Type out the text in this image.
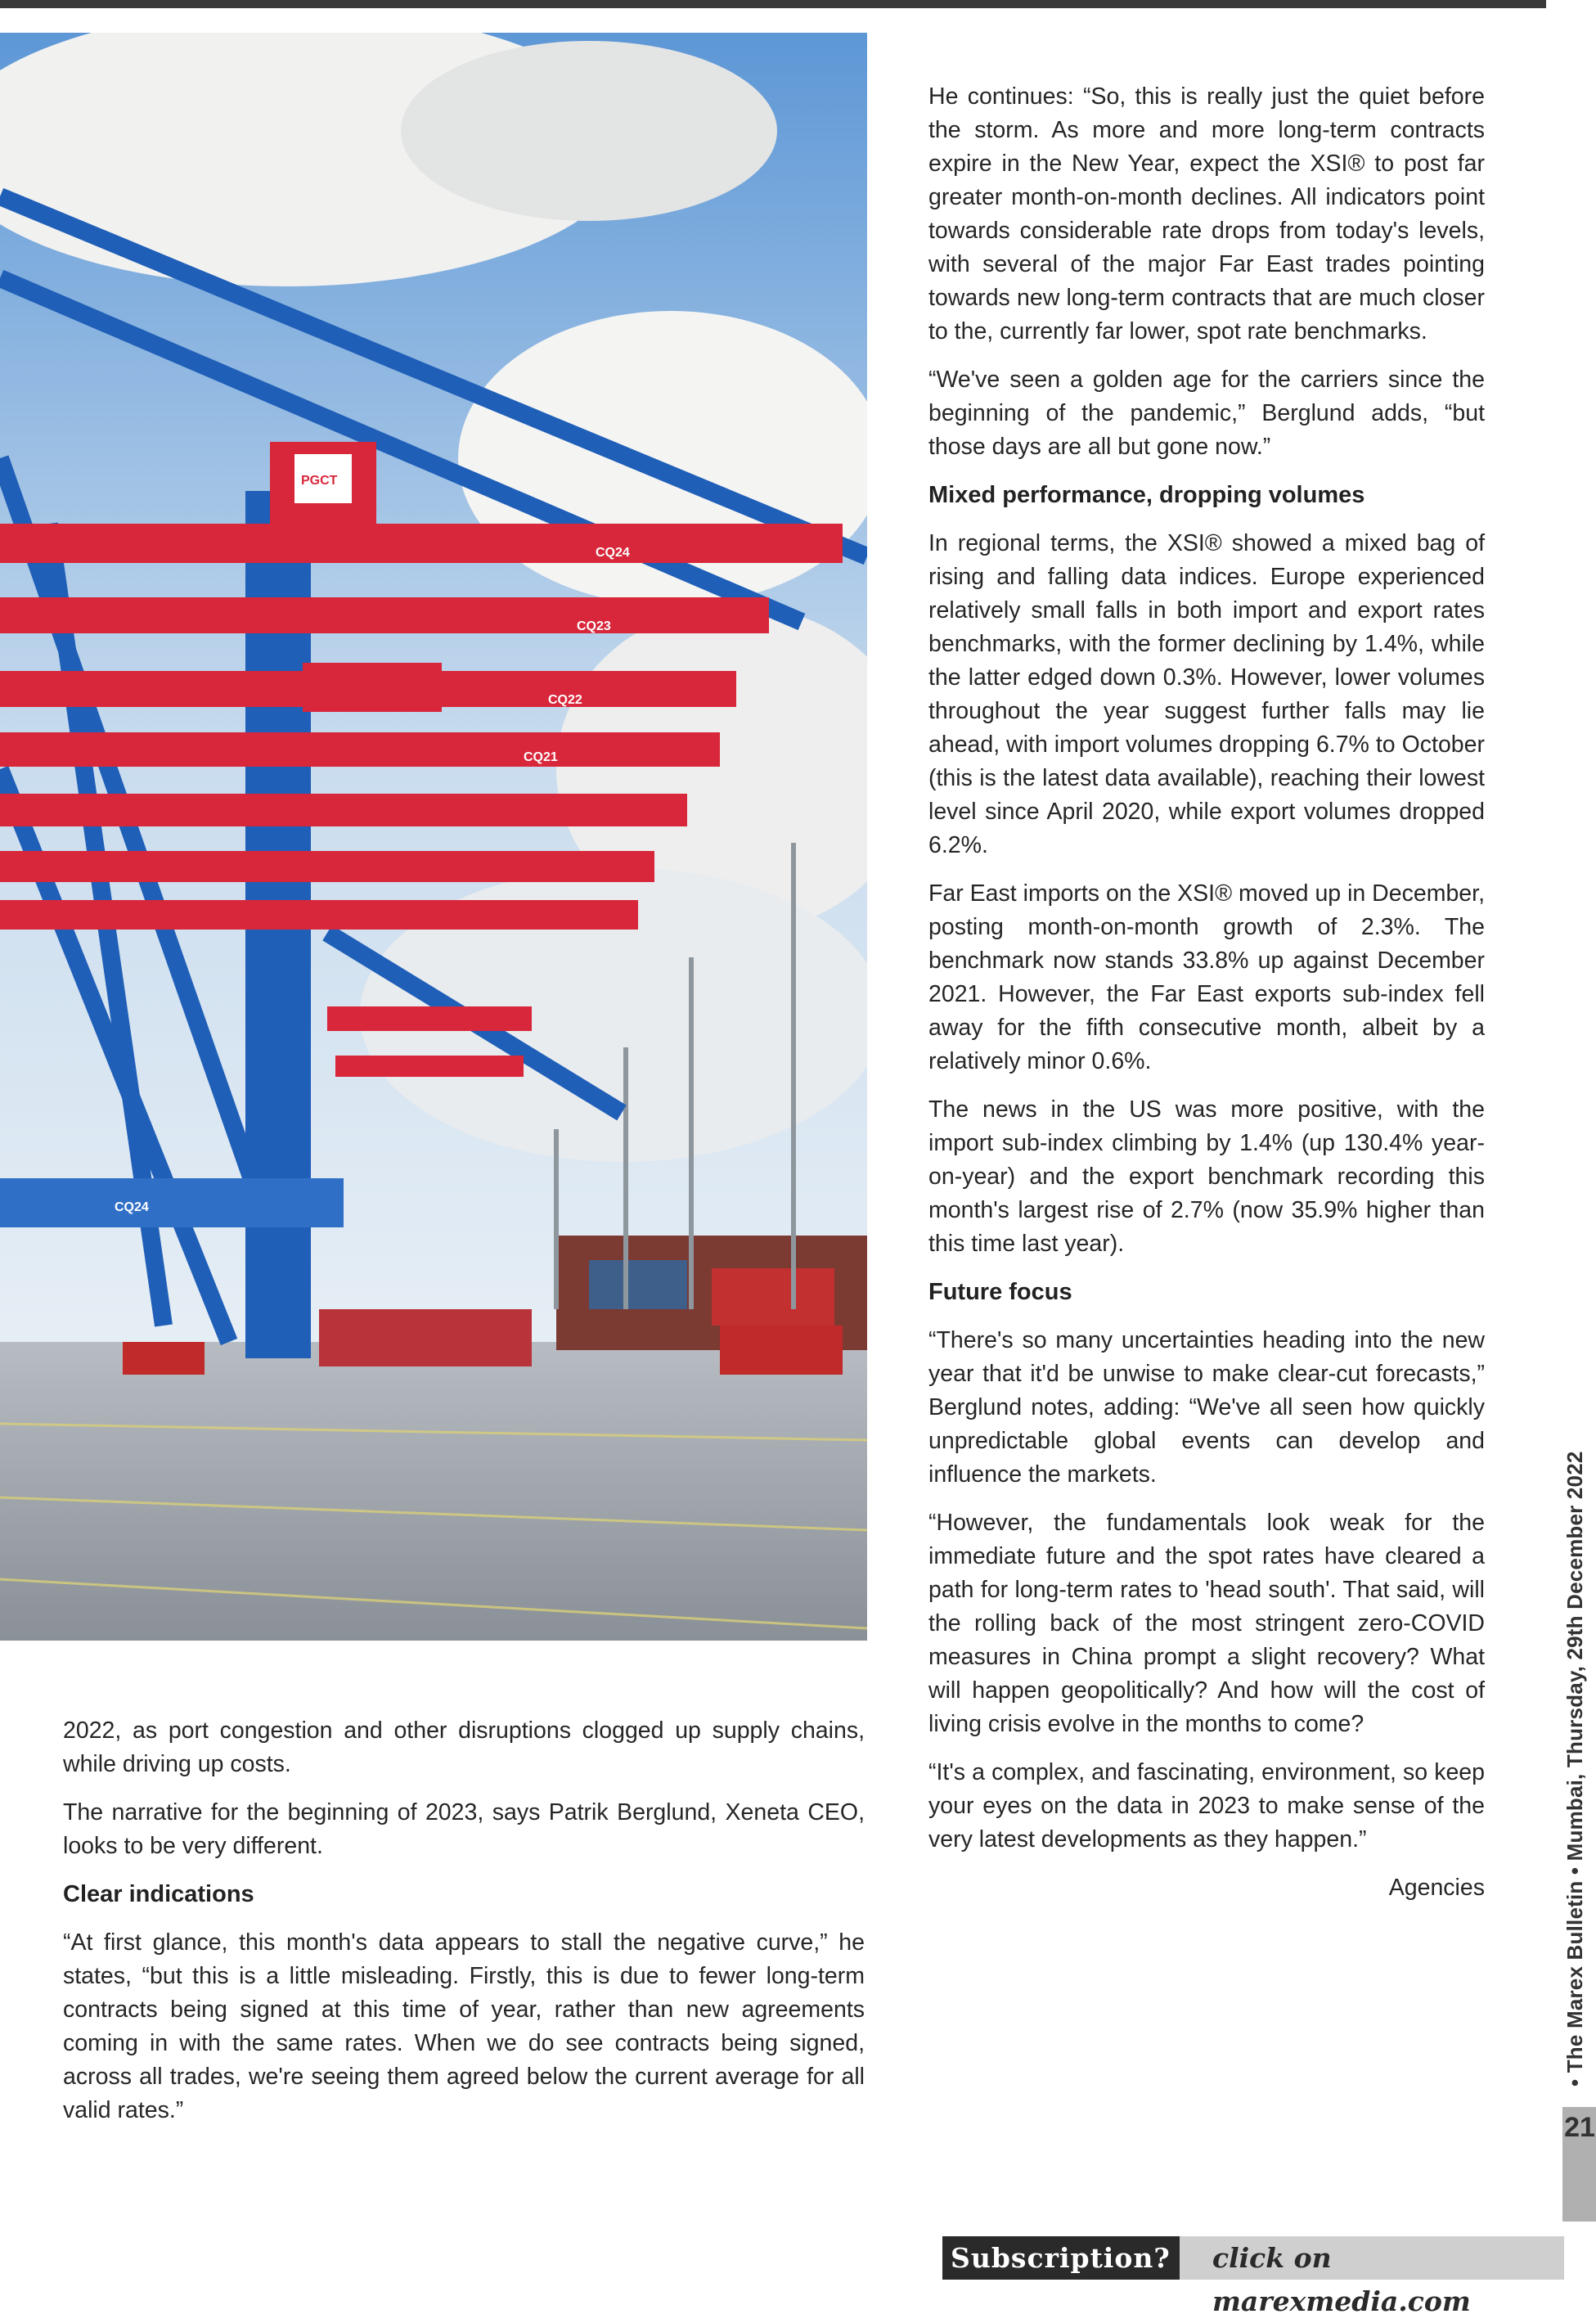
CQ24
CQ23
CQ22
CQ21
CQ24
PGCT

He continues: “So, this is really just the quiet before the storm. As more and more long-term contracts expire in the New Year, expect the XSI® to post far greater month-on-month declines. All indicators point towards considerable rate drops from today's levels, with several of the major Far East trades pointing towards new long-term contracts that are much closer to the, currently far lower, spot rate benchmarks.

“We've seen a golden age for the carriers since the beginning of the pandemic,” Berglund adds, “but those days are all but gone now.”

Mixed performance, dropping volumes

In regional terms, the XSI® showed a mixed bag of rising and falling data indices. Europe experienced relatively small falls in both import and export rates benchmarks, with the former declining by 1.4%, while the latter edged down 0.3%. However, lower volumes throughout the year suggest further falls may lie ahead, with import volumes dropping 6.7% to October (this is the latest data available), reaching their lowest level since April 2020, while export volumes dropped 6.2%.

Far East imports on the XSI® moved up in December, posting month-on-month growth of 2.3%. The benchmark now stands 33.8% up against December 2021. However, the Far East exports sub-index fell away for the fifth consecutive month, albeit by a relatively minor 0.6%.

The news in the US was more positive, with the import sub-index climbing by 1.4% (up 130.4% year-on-year) and the export benchmark recording this month's largest rise of 2.7% (now 35.9% higher than this time last year).

Future focus

“There's so many uncertainties heading into the new year that it'd be unwise to make clear-cut forecasts,” Berglund notes, adding: “We've all seen how quickly unpredictable global events can develop and influence the markets.

“However, the fundamentals look weak for the immediate future and the spot rates have cleared a path for long-term rates to 'head south'. That said, will the rolling back of the most stringent zero-COVID measures in China prompt a slight recovery? What will happen geopolitically? And how will the cost of living crisis evolve in the months to come?

“It's a complex, and fascinating, environment, so keep your eyes on the data in 2023 to make sense of the very latest developments as they happen.”

Agencies

2022, as port congestion and other disruptions clogged up supply chains, while driving up costs.

The narrative for the beginning of 2023, says Patrik Berglund, Xeneta CEO, looks to be very different.

Clear indications

“At first glance, this month's data appears to stall the negative curve,” he states, “but this is a little misleading. Firstly, this is due to fewer long-term contracts being signed at this time of year, rather than new agreements coming in with the same rates. When we do see contracts being signed, across all trades, we're seeing them agreed below the current average for all valid rates.”

• The Marex Bulletin • Mumbai, Thursday, 29th December 2022
21
Subscription? click on marexmedia.com
